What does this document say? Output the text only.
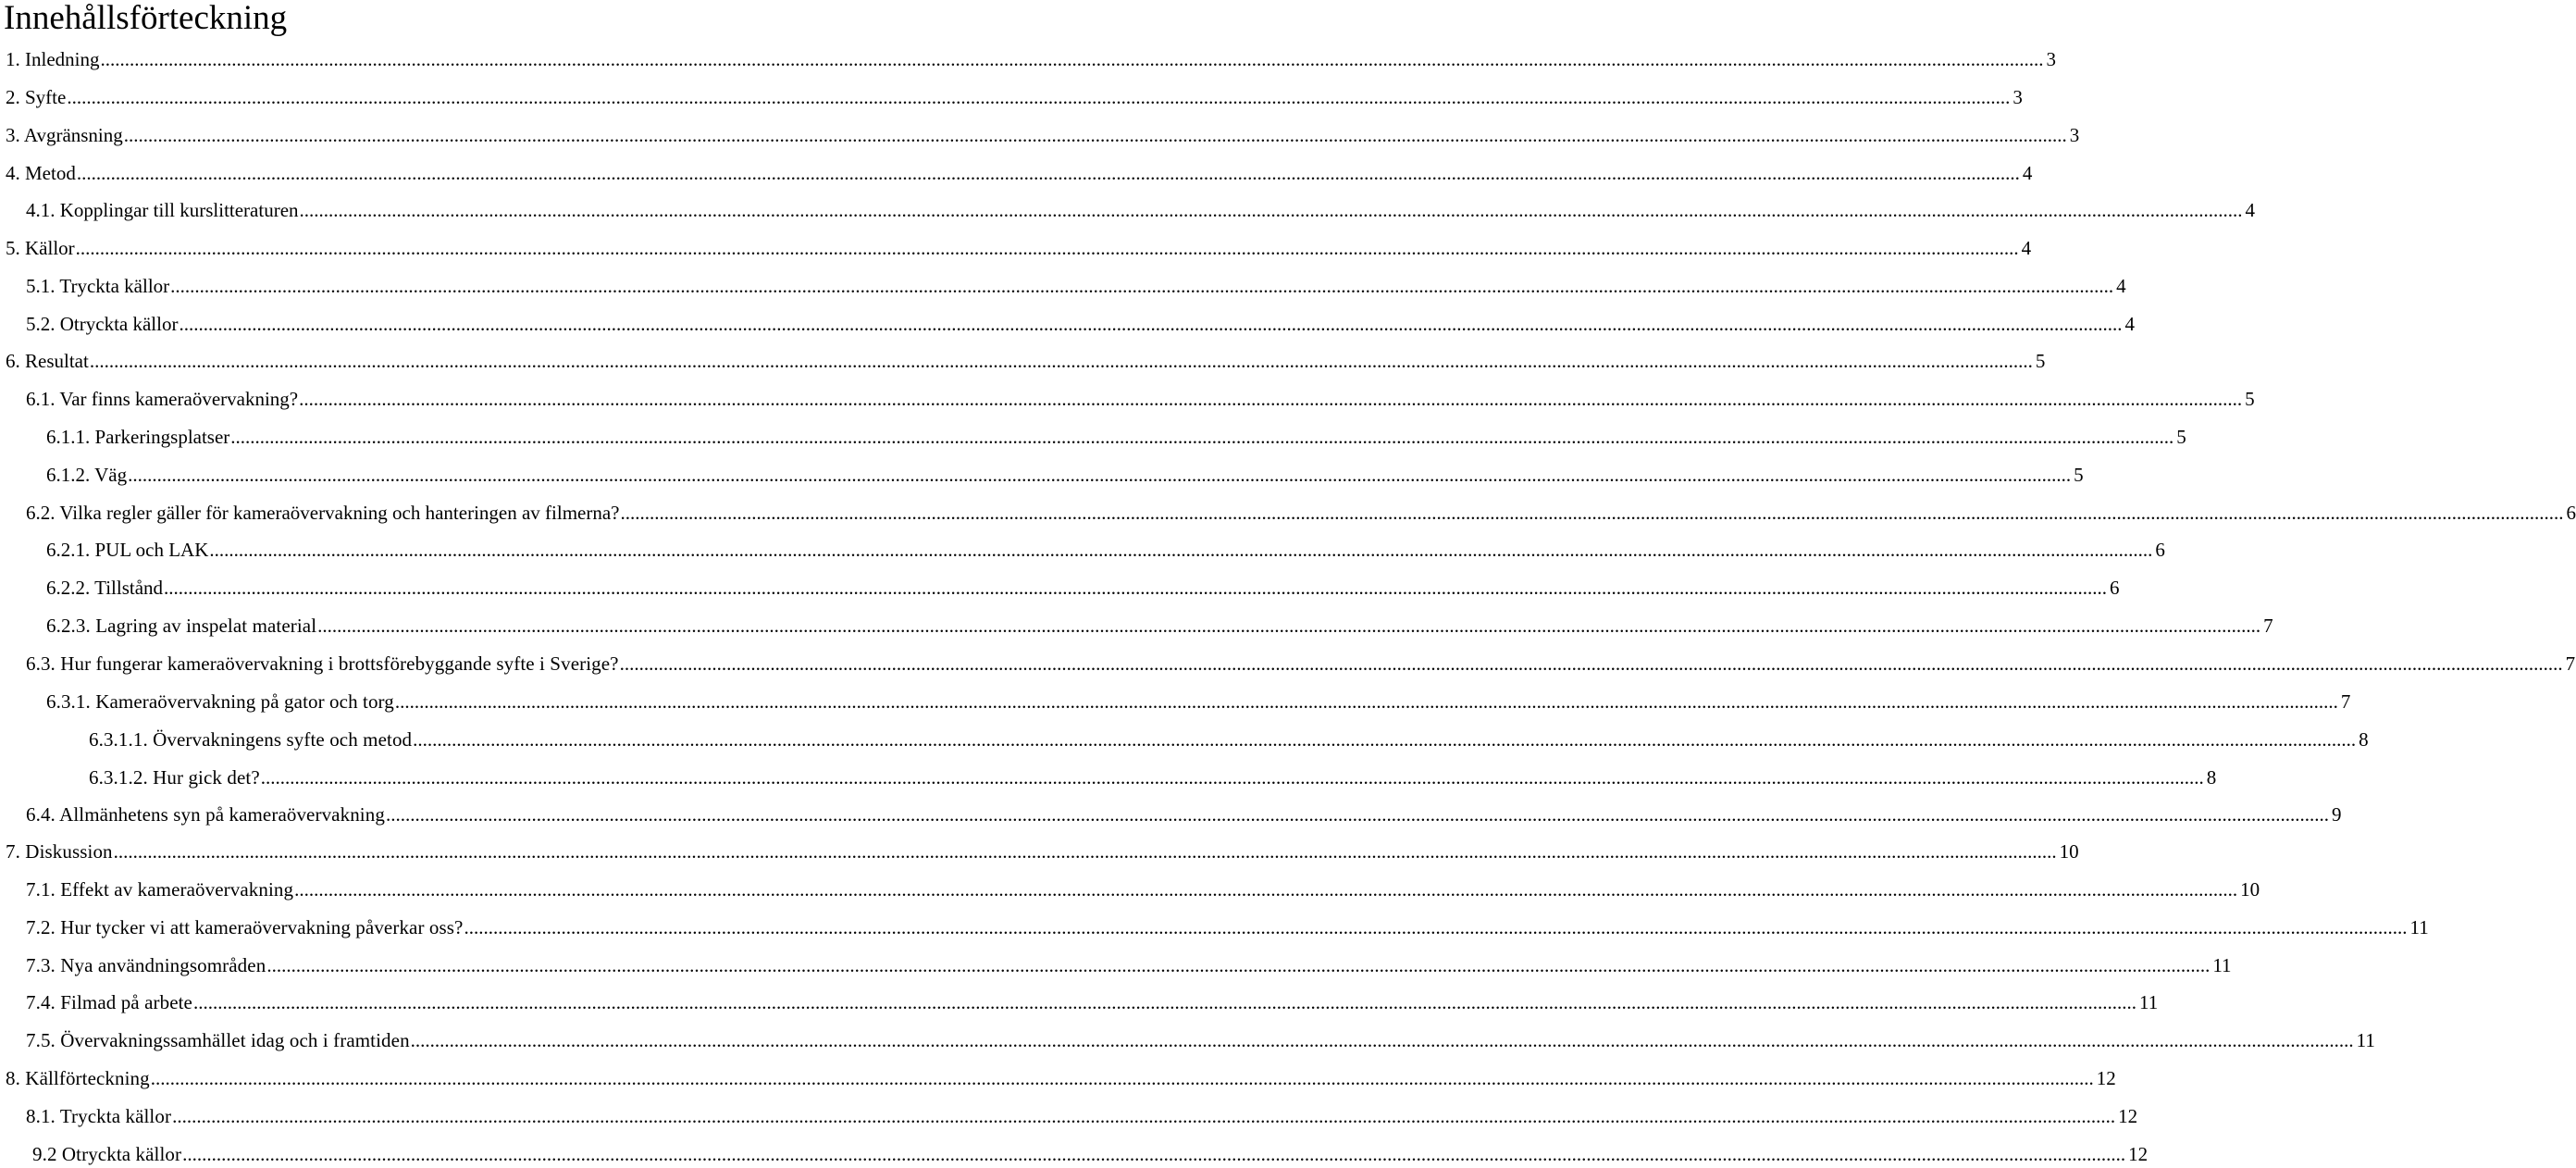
Innehållsförteckning
1. Inledning ................................................................................................................................................................................................................................................................................................................................................................................................................ 3
2. Syfte ................................................................................................................................................................................................................................................................................................................................................................................................................ 3
3. Avgränsning ................................................................................................................................................................................................................................................................................................................................................................................................................ 3
4. Metod ................................................................................................................................................................................................................................................................................................................................................................................................................ 4
4.1. Kopplingar till kurslitteraturen ................................................................................................................................................................................................................................................................................................................................................................................................................ 4
5. Källor ................................................................................................................................................................................................................................................................................................................................................................................................................ 4
5.1. Tryckta källor ................................................................................................................................................................................................................................................................................................................................................................................................................ 4
5.2. Otryckta källor ................................................................................................................................................................................................................................................................................................................................................................................................................ 4
6. Resultat ................................................................................................................................................................................................................................................................................................................................................................................................................ 5
6.1. Var finns kameraövervakning? ................................................................................................................................................................................................................................................................................................................................................................................................................ 5
6.1.1. Parkeringsplatser ................................................................................................................................................................................................................................................................................................................................................................................................................ 5
6.1.2. Väg ................................................................................................................................................................................................................................................................................................................................................................................................................ 5
6.2. Vilka regler gäller för kameraövervakning och hanteringen av filmerna? ................................................................................................................................................................................................................................................................................................................................................................................................................ 6
6.2.1. PUL och LAK ................................................................................................................................................................................................................................................................................................................................................................................................................ 6
6.2.2. Tillstånd ................................................................................................................................................................................................................................................................................................................................................................................................................ 6
6.2.3. Lagring av inspelat material ................................................................................................................................................................................................................................................................................................................................................................................................................ 7
6.3. Hur fungerar kameraövervakning i brottsförebyggande syfte i Sverige? ................................................................................................................................................................................................................................................................................................................................................................................................................ 7
6.3.1. Kameraövervakning på gator och torg ................................................................................................................................................................................................................................................................................................................................................................................................................ 7
6.3.1.1. Övervakningens syfte och metod ................................................................................................................................................................................................................................................................................................................................................................................................................ 8
6.3.1.2. Hur gick det? ................................................................................................................................................................................................................................................................................................................................................................................................................ 8
6.4. Allmänhetens syn på kameraövervakning ................................................................................................................................................................................................................................................................................................................................................................................................................ 9
7. Diskussion ................................................................................................................................................................................................................................................................................................................................................................................................................ 10
7.1. Effekt av kameraövervakning ................................................................................................................................................................................................................................................................................................................................................................................................................ 10
7.2. Hur tycker vi att kameraövervakning påverkar oss? ................................................................................................................................................................................................................................................................................................................................................................................................................ 11
7.3. Nya användningsområden ................................................................................................................................................................................................................................................................................................................................................................................................................ 11
7.4. Filmad på arbete ................................................................................................................................................................................................................................................................................................................................................................................................................ 11
7.5. Övervakningssamhället idag och i framtiden ................................................................................................................................................................................................................................................................................................................................................................................................................ 11
8. Källförteckning ................................................................................................................................................................................................................................................................................................................................................................................................................ 12
8.1. Tryckta källor ................................................................................................................................................................................................................................................................................................................................................................................................................ 12
9.2 Otryckta källor ................................................................................................................................................................................................................................................................................................................................................................................................................ 12
